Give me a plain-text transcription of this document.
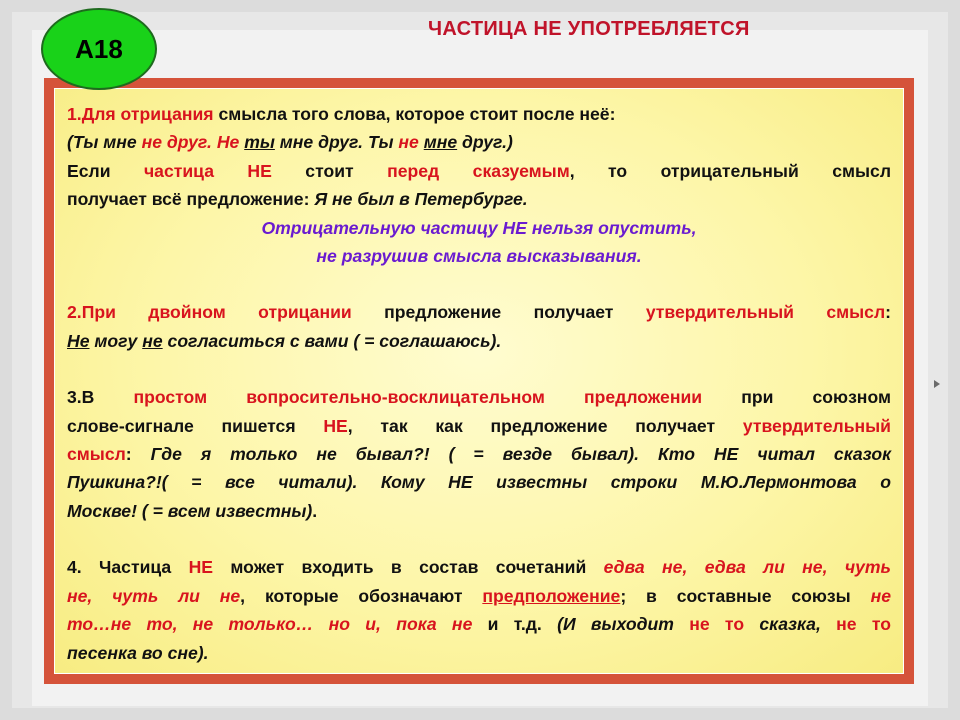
A18
ЧАСТИЦА НЕ УПОТРЕБЛЯЕТСЯ

1.Для отрицания смысла того слова, которое стоит после неё:

(Ты мне не друг. Не ты мне друг. Ты не мне друг.)

Если частица НЕ стоит перед сказуемым, то отрицательный смысл

получает всё предложение: Я не был в Петербурге.

Отрицательную частицу НЕ нельзя опустить,

не разрушив смысла высказывания.

2.При двойном отрицании предложение получает утвердительный смысл:

Не могу не согласиться с вами ( = соглашаюсь).

3.В простом вопросительно-восклицательном предложении при союзном

слове-сигнале пишется НЕ, так как предложение получает утвердительный

смысл: Где я только не бывал?! ( = везде бывал). Кто НЕ читал сказок

Пушкина?!( = все читали). Кому НЕ известны строки М.Ю.Лермонтова о

Москве! ( = всем известны).

4. Частица НЕ может входить в состав сочетаний едва не, едва ли не, чуть

не, чуть ли не, которые обозначают предположение; в составные союзы не

то…не то, не только… но и, пока не и т.д. (И выходит не то сказка, не то

песенка во сне).
